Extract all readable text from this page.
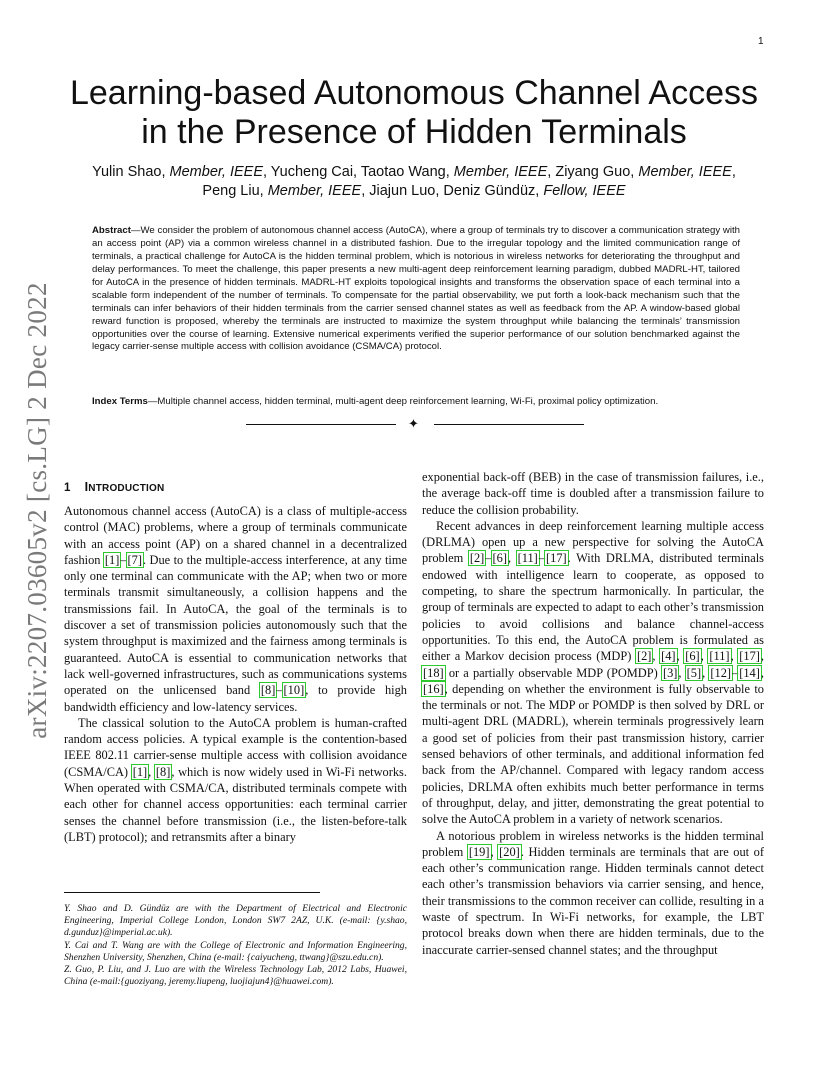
1
arXiv:2207.03605v2 [cs.LG] 2 Dec 2022
Learning-based Autonomous Channel Access in the Presence of Hidden Terminals
Yulin Shao, Member, IEEE, Yucheng Cai, Taotao Wang, Member, IEEE, Ziyang Guo, Member, IEEE,
Peng Liu, Member, IEEE, Jiajun Luo, Deniz Gündüz, Fellow, IEEE
Abstract—We consider the problem of autonomous channel access (AutoCA), where a group of terminals try to discover a communication strategy with an access point (AP) via a common wireless channel in a distributed fashion. Due to the irregular topology and the limited communication range of terminals, a practical challenge for AutoCA is the hidden terminal problem, which is notorious in wireless networks for deteriorating the throughput and delay performances. To meet the challenge, this paper presents a new multi-agent deep reinforcement learning paradigm, dubbed MADRL-HT, tailored for AutoCA in the presence of hidden terminals. MADRL-HT exploits topological insights and transforms the observation space of each terminal into a scalable form independent of the number of terminals. To compensate for the partial observability, we put forth a look-back mechanism such that the terminals can infer behaviors of their hidden terminals from the carrier sensed channel states as well as feedback from the AP. A window-based global reward function is proposed, whereby the terminals are instructed to maximize the system throughput while balancing the terminals’ transmission opportunities over the course of learning. Extensive numerical experiments verified the superior performance of our solution benchmarked against the legacy carrier-sense multiple access with collision avoidance (CSMA/CA) protocol.
Index Terms—Multiple channel access, hidden terminal, multi-agent deep reinforcement learning, Wi-Fi, proximal policy optimization.
✦
1 INTRODUCTION

Autonomous channel access (AutoCA) is a class of multiple-access control (MAC) problems, where a group of terminals communicate with an access point (AP) on a shared channel in a decentralized fashion [1]–[7]. Due to the multiple-access interference, at any time only one terminal can communicate with the AP; when two or more terminals transmit simultaneously, a collision happens and the transmissions fail. In AutoCA, the goal of the terminals is to discover a set of transmission policies autonomously such that the system throughput is maximized and the fairness among terminals is guaranteed. AutoCA is essential to communication networks that lack well-governed infrastructures, such as communications systems operated on the unlicensed band [8]–[10], to provide high bandwidth efficiency and low-latency services.

The classical solution to the AutoCA problem is human-crafted random access policies. A typical example is the contention-based IEEE 802.11 carrier-sense multiple access with collision avoidance (CSMA/CA) [1], [8], which is now widely used in Wi-Fi networks. When operated with CSMA/CA, distributed terminals compete with each other for channel access opportunities: each terminal carrier senses the channel before transmission (i.e., the listen-before-talk (LBT) protocol); and retransmits after a binary

exponential back-off (BEB) in the case of transmission failures, i.e., the average back-off time is doubled after a transmission failure to reduce the collision probability.

Recent advances in deep reinforcement learning multiple access (DRLMA) open up a new perspective for solving the AutoCA problem [2]–[6], [11]–[17]. With DRLMA, distributed terminals endowed with intelligence learn to cooperate, as opposed to competing, to share the spectrum harmonically. In particular, the group of terminals are expected to adapt to each other’s transmission policies to avoid collisions and balance channel-access opportunities. To this end, the AutoCA problem is formulated as either a Markov decision process (MDP) [2], [4], [6], [11], [17], [18] or a partially observable MDP (POMDP) [3], [5], [12]–[14], [16], depending on whether the environment is fully observable to the terminals or not. The MDP or POMDP is then solved by DRL or multi-agent DRL (MADRL), wherein terminals progressively learn a good set of policies from their past transmission history, carrier sensed behaviors of other terminals, and additional information fed back from the AP/channel. Compared with legacy random access policies, DRLMA often exhibits much better performance in terms of throughput, delay, and jitter, demonstrating the great potential to solve the AutoCA problem in a variety of network scenarios.

A notorious problem in wireless networks is the hidden terminal problem [19], [20]. Hidden terminals are terminals that are out of each other’s communication range. Hidden terminals cannot detect each other’s transmission behaviors via carrier sensing, and hence, their transmissions to the common receiver can collide, resulting in a waste of spectrum. In Wi-Fi networks, for example, the LBT protocol breaks down when there are hidden terminals, due to the inaccurate carrier-sensed channel states; and the throughput

Y. Shao and D. Gündüz are with the Department of Electrical and Electronic Engineering, Imperial College London, London SW7 2AZ, U.K. (e-mail: {y.shao, d.gunduz}@imperial.ac.uk).

Y. Cai and T. Wang are with the College of Electronic and Information Engineering, Shenzhen University, Shenzhen, China (e-mail: {caiyucheng, ttwang}@szu.edu.cn).

Z. Guo, P. Liu, and J. Luo are with the Wireless Technology Lab, 2012 Labs, Huawei, China (e-mail:{guoziyang, jeremy.liupeng, luojiajun4}@huawei.com).
